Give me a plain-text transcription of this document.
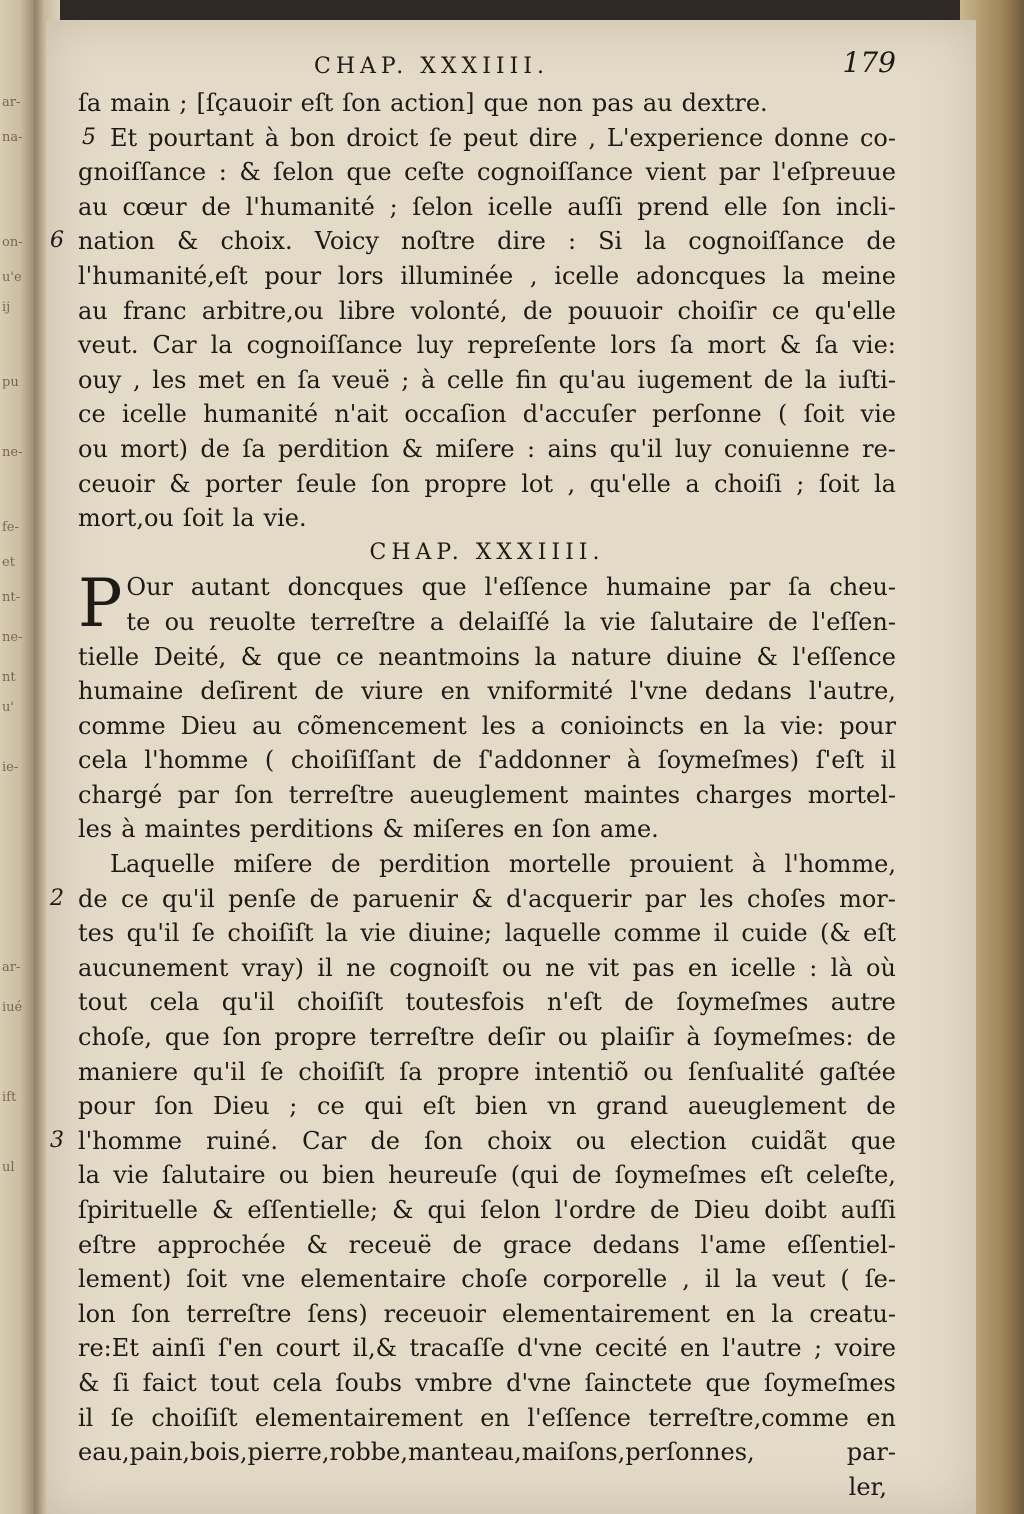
ar-
na-
on-
u'e
ij
pu
ne-
fe-
et
nt-
ne-
nt
u'
ie-
ar-
iué
ift
ul
CHAP. XXXIIII.	179
ſa main ; [ſçauoir eſt ſon action] que non pas au dextre.
5 Et pourtant à bon droict ſe peut dire , L'experience donne co-
gnoiſſance : & ſelon que ceſte cognoiſſance vient par l'eſpreuue
au cœur de l'humanité ; ſelon icelle auſſi prend elle ſon incli-
6 nation & choix. Voicy noſtre dire : Si la cognoiſſance de
l'humanité,eſt pour lors illuminée , icelle adoncques la meine
au franc arbitre,ou libre volonté, de pouuoir choiſir ce qu'elle
veut. Car la cognoiſſance luy repreſente lors ſa mort & ſa vie:
ouy , les met en ſa veuë ; à celle fin qu'au iugement de la iuſti-
ce icelle humanité n'ait occaſion d'accuſer perſonne ( ſoit vie
ou mort) de ſa perdition & miſere : ains qu'il luy conuienne re-
ceuoir & porter ſeule ſon propre lot , qu'elle a choiſi ; ſoit la
mort,ou ſoit la vie.
CHAP. XXXIIII.
P Our autant doncques que l'eſſence humaine par ſa cheu-
te ou reuolte terreſtre a delaiſſé la vie ſalutaire de l'eſſen-
tielle Deité, & que ce neantmoins la nature diuine & l'eſſence
humaine deſirent de viure en vniformité l'vne dedans l'autre,
comme Dieu au cõmencement les a conioincts en la vie: pour
cela l'homme ( choiſiſſant de ſ'addonner à ſoymeſmes) ſ'eſt il
chargé par ſon terreſtre aueuglement maintes charges mortel-
les à maintes perditions & miſeres en ſon ame.
Laquelle miſere de perdition mortelle prouient à l'homme,
2 de ce qu'il penſe de paruenir & d'acquerir par les choſes mor-
tes qu'il ſe choiſiſt la vie diuine; laquelle comme il cuide (& eſt
aucunement vray) il ne cognoiſt ou ne vit pas en icelle : là où
tout cela qu'il choiſiſt toutesfois n'eſt de ſoymeſmes autre
choſe, que ſon propre terreſtre deſir ou plaiſir à ſoymeſmes: de
maniere qu'il ſe choiſiſt ſa propre intentiõ ou ſenſualité gaſtée
pour ſon Dieu ; ce qui eſt bien vn grand aueuglement de
3 l'homme ruiné. Car de ſon choix ou election cuidãt que
la vie ſalutaire ou bien heureuſe (qui de ſoymeſmes eſt celeſte,
ſpirituelle & eſſentielle; & qui ſelon l'ordre de Dieu doibt auſſi
eſtre approchée & receuë de grace dedans l'ame eſſentiel-
lement) ſoit vne elementaire choſe corporelle , il la veut ( ſe-
lon ſon terreſtre ſens) receuoir elementairement en la creatu-
re:Et ainſi ſ'en court il,& tracaſſe d'vne cecité en l'autre ; voire
& ſi faict tout cela ſoubs vmbre d'vne ſainctete que ſoymeſmes
il ſe choiſiſt elementairement en l'eſſence terreſtre,comme en
eau,pain,bois,pierre,robbe,manteau,maiſons,perſonnes,	par-
ler,
